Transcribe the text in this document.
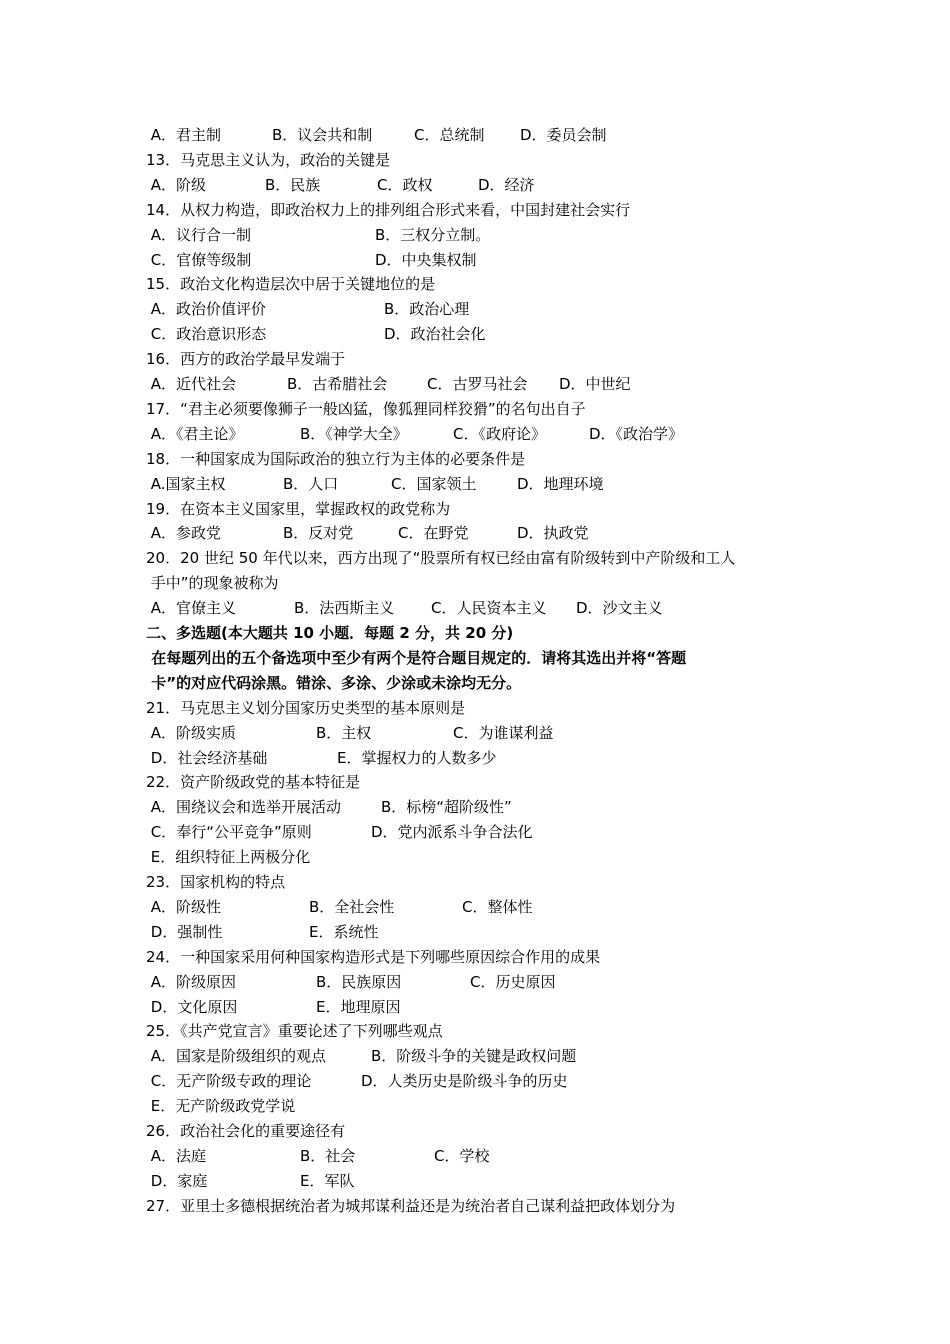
A．君主制	B．议会共和制	C．总统制 D．委员会制
13．马克思主义认为，政治的关键是
A．阶级	B．民族	C．政权	D．经济
14．从权力构造，即政治权力上的排列组合形式来看，中国封建社会实行
A．议行合一制	B．三权分立制。
C．官僚等级制	D．中央集权制
15．政治文化构造层次中居于关键地位的是
A．政治价值评价	B．政治心理
C．政治意识形态	D．政治社会化
16．西方的政治学最早发端于
A．近代社会	B．古希腊社会	C．古罗马社会 D．中世纪
17．“君主必须要像狮子一般凶猛，像狐狸同样狡猾”的名句出自子
A．《君主论》	B．《神学大全》	C．《政府论》	D．《政治学》
18．一种国家成为国际政治的独立行为主体的必要条件是
A.国家主权	B．人口	C．国家领土	D．地理环境
19．在资本主义国家里，掌握政权的政党称为
A．参政党	B．反对党	C．在野党	D．执政党
20．20 世纪 50 年代以来，西方出现了“股票所有权已经由富有阶级转到中产阶级和工人
手中”的现象被称为
A．官僚主义	B．法西斯主义 C．人民资本主义 D．沙文主义
二、多选题(本大题共 10 小题．每题 2 分，共 20 分)
在每题列出的五个备选项中至少有两个是符合题目规定的．请将其选出并将“答题
卡”的对应代码涂黑。错涂、多涂、少涂或未涂均无分。
21．马克思主义划分国家历史类型的基本原则是
A．阶级实质	B．主权	C．为谁谋利益
D．社会经济基础	E．掌握权力的人数多少
22．资产阶级政党的基本特征是
A．围绕议会和选举开展活动	B．标榜“超阶级性”
C．奉行“公平竞争”原则	D．党内派系斗争合法化
E．组织特征上两极分化
23．国家机构的特点
A．阶级性	B．全社会性	C．整体性
D．强制性	E．系统性
24．一种国家采用何种国家构造形式是下列哪些原因综合作用的成果
A．阶级原因	B．民族原因	C．历史原因
D．文化原因	E．地理原因
25．《共产党宣言》重要论述了下列哪些观点
A．国家是阶级组织的观点	B．阶级斗争的关键是政权问题
C．无产阶级专政的理论	D．人类历史是阶级斗争的历史
E．无产阶级政党学说
26．政治社会化的重要途径有
A．法庭	B．社会	C．学校
D．家庭	E．军队
27．亚里士多德根据统治者为城邦谋利益还是为统治者自己谋利益把政体划分为
